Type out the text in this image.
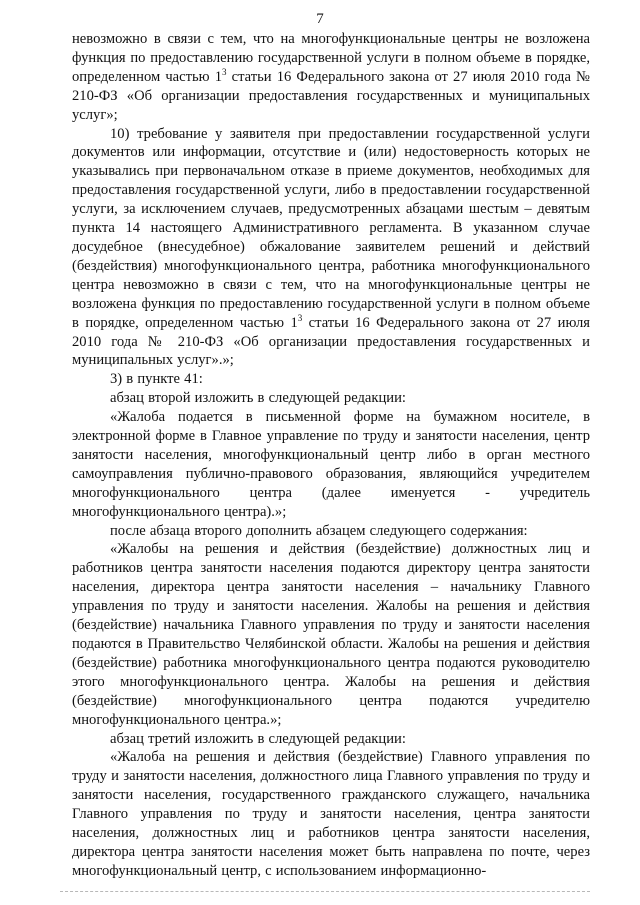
7

невозможно в связи с тем, что на многофункциональные центры не возложена функция по предоставлению государственной услуги в полном объеме в порядке, определенном частью $1^3$ статьи 16 Федерального закона от 27 июля 2010 года № 210-ФЗ «Об организации предоставления государственных и муниципальных услуг»;

10) требование у заявителя при предоставлении государственной услуги документов или информации, отсутствие и (или) недостоверность которых не указывались при первоначальном отказе в приеме документов, необходимых для предоставления государственной услуги, либо в предоставлении государственной услуги, за исключением случаев, предусмотренных абзацами шестым – девятым пункта 14 настоящего Административного регламента. В указанном случае досудебное (внесудебное) обжалование заявителем решений и действий (бездействия) многофункционального центра, работника многофункционального центра невозможно в связи с тем, что на многофункциональные центры не возложена функция по предоставлению государственной услуги в полном объеме в порядке, определенном частью $1^3$ статьи 16 Федерального закона от 27 июля 2010 года № 210-ФЗ «Об организации предоставления государственных и муниципальных услуг».»;

3) в пункте 41:

абзац второй изложить в следующей редакции:

«Жалоба подается в письменной форме на бумажном носителе, в электронной форме в Главное управление по труду и занятости населения, центр занятости населения, многофункциональный центр либо в орган местного самоуправления публично-правового образования, являющийся учредителем многофункционального центра (далее именуется - учредитель многофункционального центра).»;

после абзаца второго дополнить абзацем следующего содержания:

«Жалобы на решения и действия (бездействие) должностных лиц и работников центра занятости населения подаются директору центра занятости населения, директора центра занятости населения – начальнику Главного управления по труду и занятости населения. Жалобы на решения и действия (бездействие) начальника Главного управления по труду и занятости населения подаются в Правительство Челябинской области. Жалобы на решения и действия (бездействие) работника многофункционального центра подаются руководителю этого многофункционального центра. Жалобы на решения и действия (бездействие) многофункционального центра подаются учредителю многофункционального центра.»;

абзац третий изложить в следующей редакции:

«Жалоба на решения и действия (бездействие) Главного управления по труду и занятости населения, должностного лица Главного управления по труду и занятости населения, государственного гражданского служащего, начальника Главного управления по труду и занятости населения, центра занятости населения, должностных лиц и работников центра занятости населения, директора центра занятости населения может быть направлена по почте, через многофункциональный центр, с использованием информационно-
